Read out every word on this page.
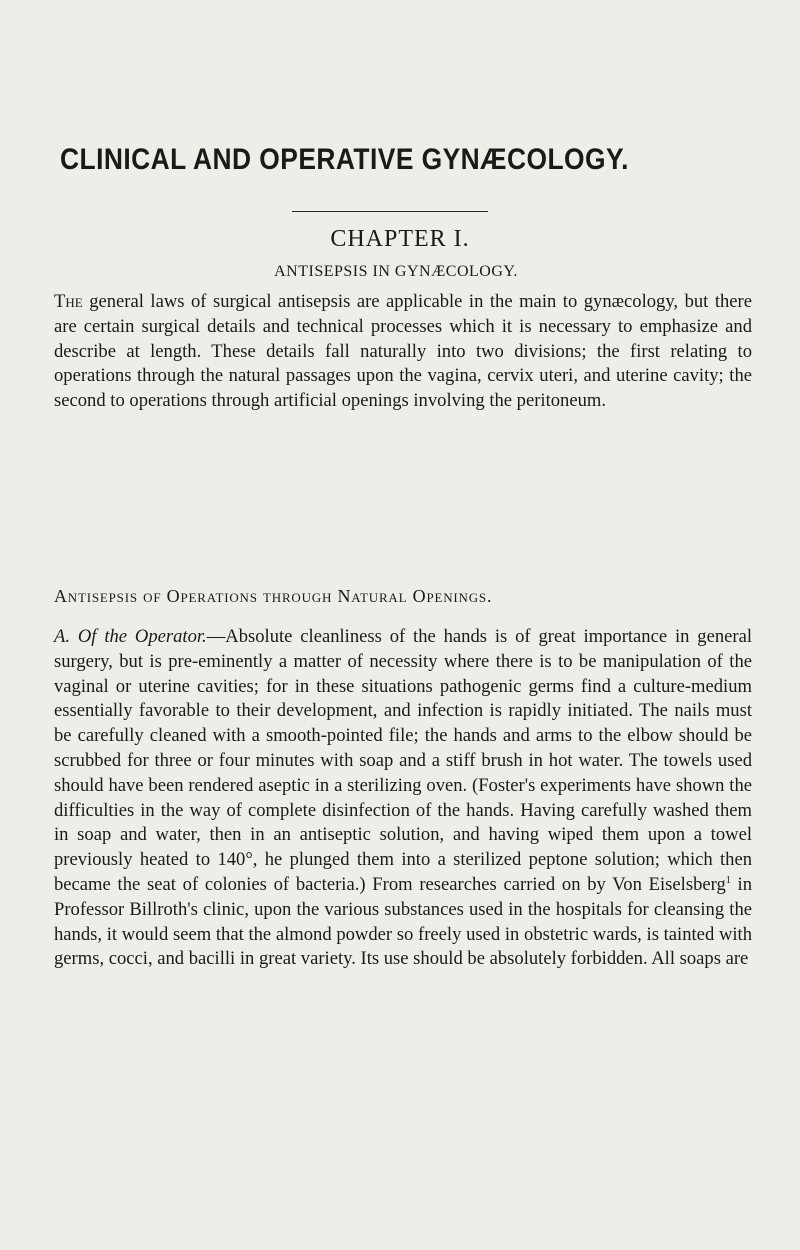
CLINICAL AND OPERATIVE GYNÆCOLOGY.
CHAPTER I.
ANTISEPSIS IN GYNÆCOLOGY.

The general laws of surgical antisepsis are applicable in the main to gynæcology, but there are certain surgical details and technical processes which it is necessary to emphasize and describe at length. These details fall naturally into two divisions; the first relating to operations through the natural passages upon the vagina, cervix uteri, and uterine cavity; the second to operations through artificial openings involving the peritoneum.

Antisepsis of Operations through Natural Openings.

A. Of the Operator.—Absolute cleanliness of the hands is of great importance in general surgery, but is pre-eminently a matter of necessity where there is to be manipulation of the vaginal or uterine cavities; for in these situations pathogenic germs find a culture-medium essentially favorable to their development, and infection is rapidly initiated. The nails must be carefully cleaned with a smooth-pointed file; the hands and arms to the elbow should be scrubbed for three or four minutes with soap and a stiff brush in hot water. The towels used should have been rendered aseptic in a sterilizing oven. (Foster's experiments have shown the difficulties in the way of complete disinfection of the hands. Having carefully washed them in soap and water, then in an antiseptic solution, and having wiped them upon a towel previously heated to 140°, he plunged them into a sterilized peptone solution; which then became the seat of colonies of bacteria.) From researches carried on by Von Eiselsberg$^1$ in Professor Billroth's clinic, upon the various substances used in the hospitals for cleansing the hands, it would seem that the almond powder so freely used in obstetric wards, is tainted with germs, cocci, and bacilli in great variety. Its use should be absolutely forbidden. All soaps are
